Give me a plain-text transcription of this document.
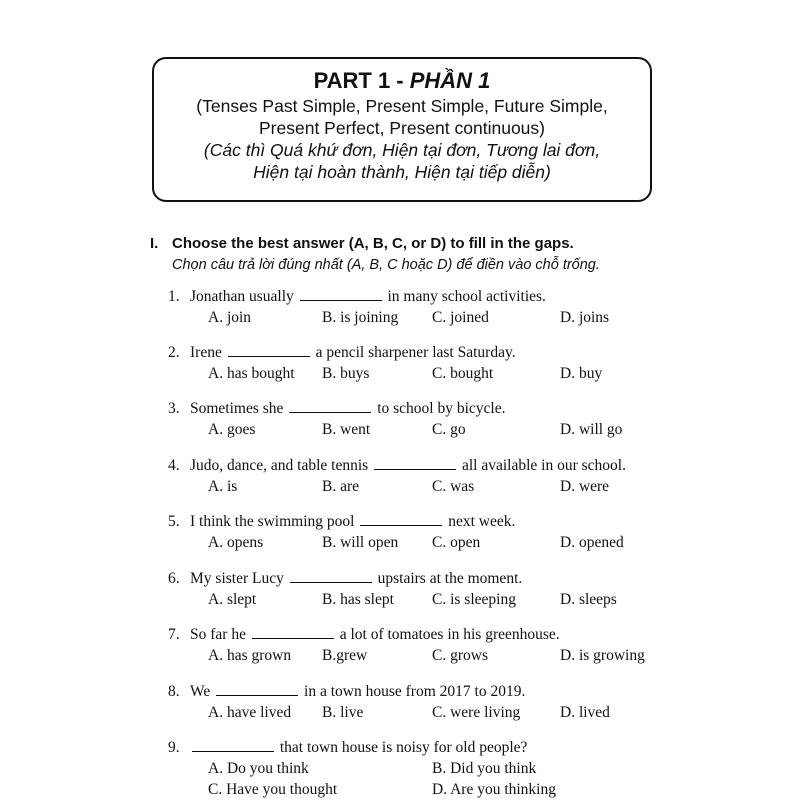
PART 1 - PHẦN 1
(Tenses Past Simple, Present Simple, Future Simple,
Present Perfect, Present continuous)
(Các thì Quá khứ đơn, Hiện tại đơn, Tương lai đơn,
Hiện tại hoàn thành, Hiện tại tiếp diễn)
I. Choose the best answer (A, B, C, or D) to fill in the gaps.
Chọn câu trả lời đúng nhất (A, B, C hoặc D) để điền vào chỗ trống.
1. Jonathan usually	in many school activities.
A. join	B. is joining C. joined	D. joins
2. Irene	a pencil sharpener last Saturday.
A. has bought B. buys	C. bought	D. buy
3. Sometimes she	to school by bicycle.
A. goes	B. went	C. go	D. will go
4. Judo, dance, and table tennis	all available in our school.
A. is	B. are	C. was	D. were
5. I think the swimming pool	next week.
A. opens	B. will open C. open	D. opened
6. My sister Lucy	upstairs at the moment.
A. slept	B. has slept C. is sleeping	D. sleeps
7. So far he	a lot of tomatoes in his greenhouse.
A. has grown B.grew	C. grows	D. is growing
8. We	in a town house from 2017 to 2019.
A. have lived B. live	C. were living	D. lived
9.	that town house is noisy for old people?
A. Do you think	B. Did you think
C. Have you thought	D. Are you thinking
